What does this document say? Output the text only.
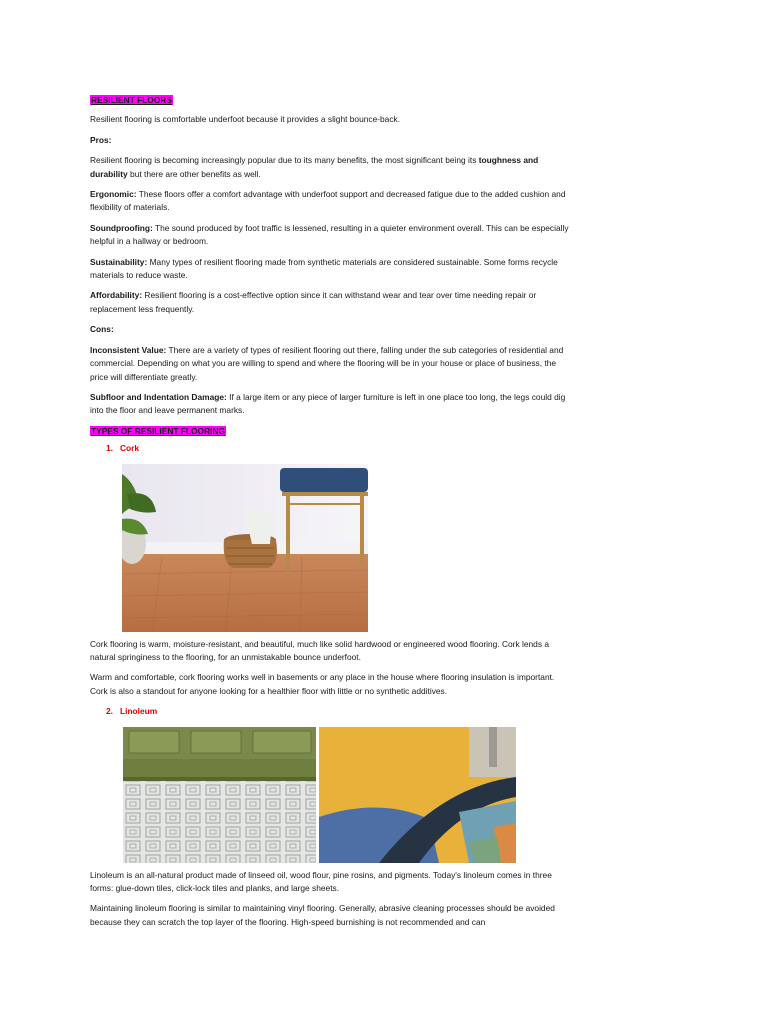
RESILIENT FLOORS

Resilient flooring is comfortable underfoot because it provides a slight bounce-back.

Pros:

Resilient flooring is becoming increasingly popular due to its many benefits, the most significant being its toughness and durability but there are other benefits as well.

Ergonomic: These floors offer a comfort advantage with underfoot support and decreased fatigue due to the added cushion and flexibility of materials.

Soundproofing: The sound produced by foot traffic is lessened, resulting in a quieter environment overall. This can be especially helpful in a hallway or bedroom.

Sustainability: Many types of resilient flooring made from synthetic materials are considered sustainable. Some forms recycle materials to reduce waste.

Affordability: Resilient flooring is a cost-effective option since it can withstand wear and tear over time needing repair or replacement less frequently.

Cons:

Inconsistent Value: There are a variety of types of resilient flooring out there, falling under the sub categories of residential and commercial. Depending on what you are willing to spend and where the flooring will be in your house or place of business, the price will differentiate greatly.

Subfloor and Indentation Damage: If a large item or any piece of larger furniture is left in one place too long, the legs could dig into the floor and leave permanent marks.

TYPES OF RESILIENT FLOORING

1. Cork

Cork flooring is warm, moisture-resistant, and beautiful, much like solid hardwood or engineered wood flooring. Cork lends a natural springiness to the flooring, for an unmistakable bounce underfoot.

Warm and comfortable, cork flooring works well in basements or any place in the house where flooring insulation is important. Cork is also a standout for anyone looking for a healthier floor with little or no synthetic additives.

2. Linoleum

Linoleum is an all-natural product made of linseed oil, wood flour, pine rosins, and pigments. Today's linoleum comes in three forms: glue-down tiles, click-lock tiles and planks, and large sheets.

Maintaining linoleum flooring is similar to maintaining vinyl flooring. Generally, abrasive cleaning processes should be avoided because they can scratch the top layer of the flooring. High-speed burnishing is not recommended and can
